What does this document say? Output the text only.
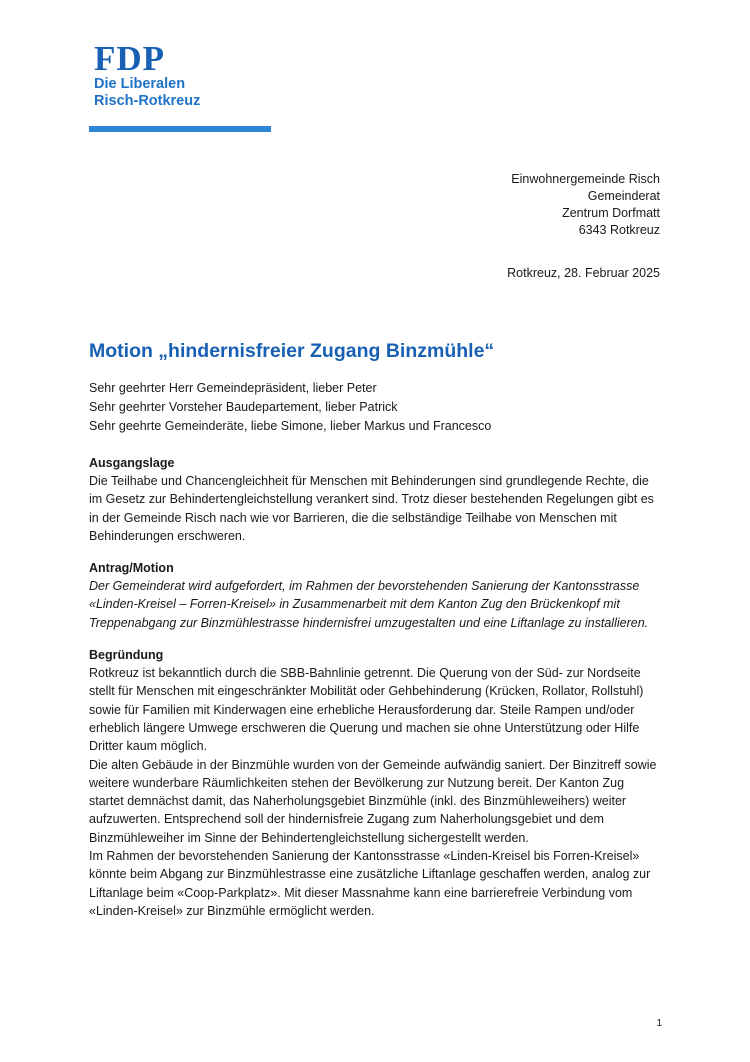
FDP
Die Liberalen
Risch-Rotkreuz
Einwohnergemeinde Risch
Gemeinderat
Zentrum Dorfmatt
6343 Rotkreuz
Rotkreuz, 28. Februar 2025
Motion „hindernisfreier Zugang Binzmühle“
Sehr geehrter Herr Gemeindepräsident, lieber Peter
Sehr geehrter Vorsteher Baudepartement, lieber Patrick
Sehr geehrte Gemeinderäte, liebe Simone, lieber Markus und Francesco
Ausgangslage

Die Teilhabe und Chancengleichheit für Menschen mit Behinderungen sind grundlegende Rechte, die im Gesetz zur Behindertengleichstellung verankert sind. Trotz dieser bestehenden Regelungen gibt es in der Gemeinde Risch nach wie vor Barrieren, die die selbständige Teilhabe von Menschen mit Behinderungen erschweren.

Antrag/Motion

Der Gemeinderat wird aufgefordert, im Rahmen der bevorstehenden Sanierung der Kantonsstrasse «Linden-Kreisel – Forren-Kreisel» in Zusammenarbeit mit dem Kanton Zug den Brückenkopf mit Treppenabgang zur Binzmühlestrasse hindernisfrei umzugestalten und eine Liftanlage zu installieren.

Begründung

Rotkreuz ist bekanntlich durch die SBB-Bahnlinie getrennt. Die Querung von der Süd- zur Nordseite stellt für Menschen mit eingeschränkter Mobilität oder Gehbehinderung (Krücken, Rollator, Rollstuhl) sowie für Familien mit Kinderwagen eine erhebliche Herausforderung dar. Steile Rampen und/oder erheblich längere Umwege erschweren die Querung und machen sie ohne Unterstützung oder Hilfe Dritter kaum möglich.

Die alten Gebäude in der Binzmühle wurden von der Gemeinde aufwändig saniert. Der Binzitreff sowie weitere wunderbare Räumlichkeiten stehen der Bevölkerung zur Nutzung bereit. Der Kanton Zug startet demnächst damit, das Naherholungsgebiet Binzmühle (inkl. des Binzmühleweihers) weiter aufzuwerten. Entsprechend soll der hindernisfreie Zugang zum Naherholungsgebiet und dem Binzmühleweiher im Sinne der Behindertengleichstellung sichergestellt werden.

Im Rahmen der bevorstehenden Sanierung der Kantonsstrasse «Linden-Kreisel bis Forren-Kreisel» könnte beim Abgang zur Binzmühlestrasse eine zusätzliche Liftanlage geschaffen werden, analog zur Liftanlage beim «Coop-Parkplatz». Mit dieser Massnahme kann eine barrierefreie Verbindung vom «Linden-Kreisel» zur Binzmühle ermöglicht werden.

1
